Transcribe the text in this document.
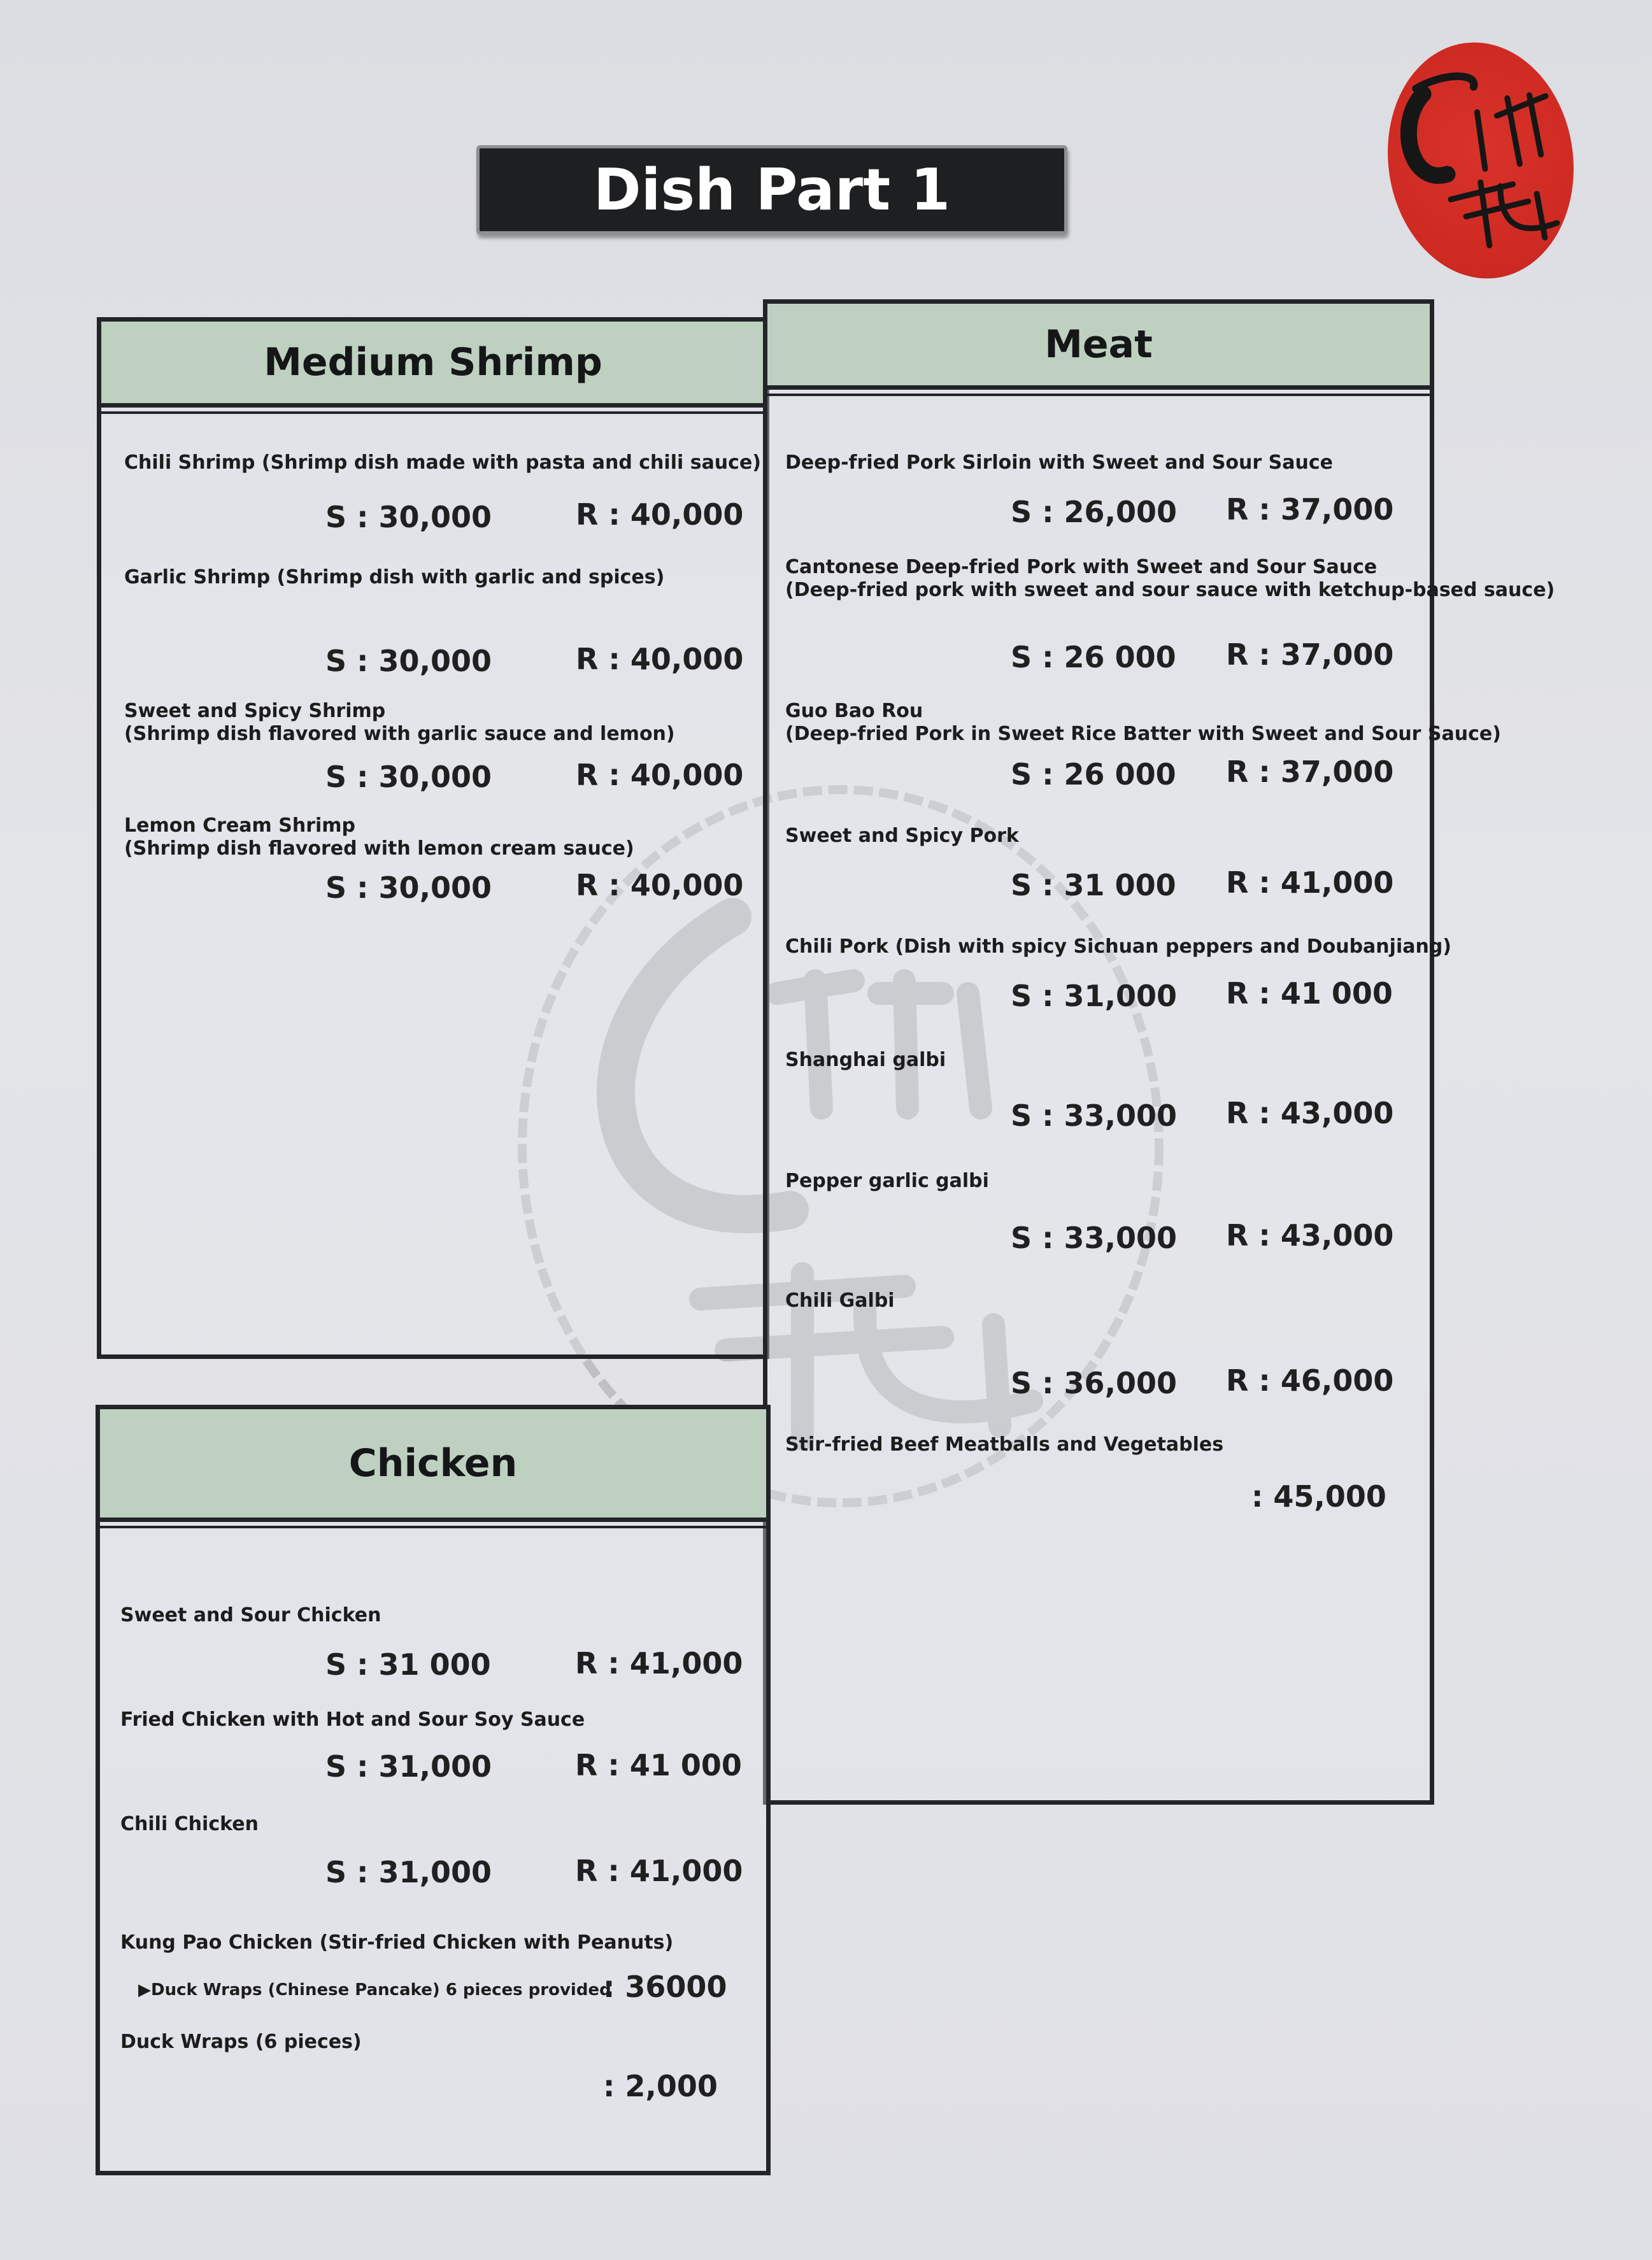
Dish Part 1
Medium Shrimp
Chili Shrimp (Shrimp dish made with pasta and chili sauce)
S : 30,000	R : 40,000
Garlic Shrimp (Shrimp dish with garlic and spices)
S : 30,000	R : 40,000
Sweet and Spicy Shrimp
(Shrimp dish flavored with garlic sauce and lemon)
S : 30,000	R : 40,000
Lemon Cream Shrimp
(Shrimp dish flavored with lemon cream sauce)
S : 30,000	R : 40,000
Meat
Deep-fried Pork Sirloin with Sweet and Sour Sauce
S : 26,000 R : 37,000
Cantonese Deep-fried Pork with Sweet and Sour Sauce
(Deep-fried pork with sweet and sour sauce with ketchup-based sauce)
S : 26 000 R : 37,000
Guo Bao Rou
(Deep-fried Pork in Sweet Rice Batter with Sweet and Sour Sauce)
S : 26 000 R : 37,000
Sweet and Spicy Pork
S : 31 000 R : 41,000
Chili Pork (Dish with spicy Sichuan peppers and Doubanjiang)
S : 31,000 R : 41 000
Shanghai galbi
S : 33,000 R : 43,000
Pepper garlic galbi
S : 33,000 R : 43,000
Chili Galbi
S : 36,000 R : 46,000
Stir-fried Beef Meatballs and Vegetables
: 45,000
Chicken
Sweet and Sour Chicken
S : 31 000	R : 41,000
Fried Chicken with Hot and Sour Soy Sauce
S : 31,000	R : 41 000
Chili Chicken
S : 31,000	R : 41,000
Kung Pao Chicken (Stir-fried Chicken with Peanuts)
▶Duck Wraps (Chinese Pancake) 6 pieces provided
: 36000
Duck Wraps (6 pieces)
: 2,000
